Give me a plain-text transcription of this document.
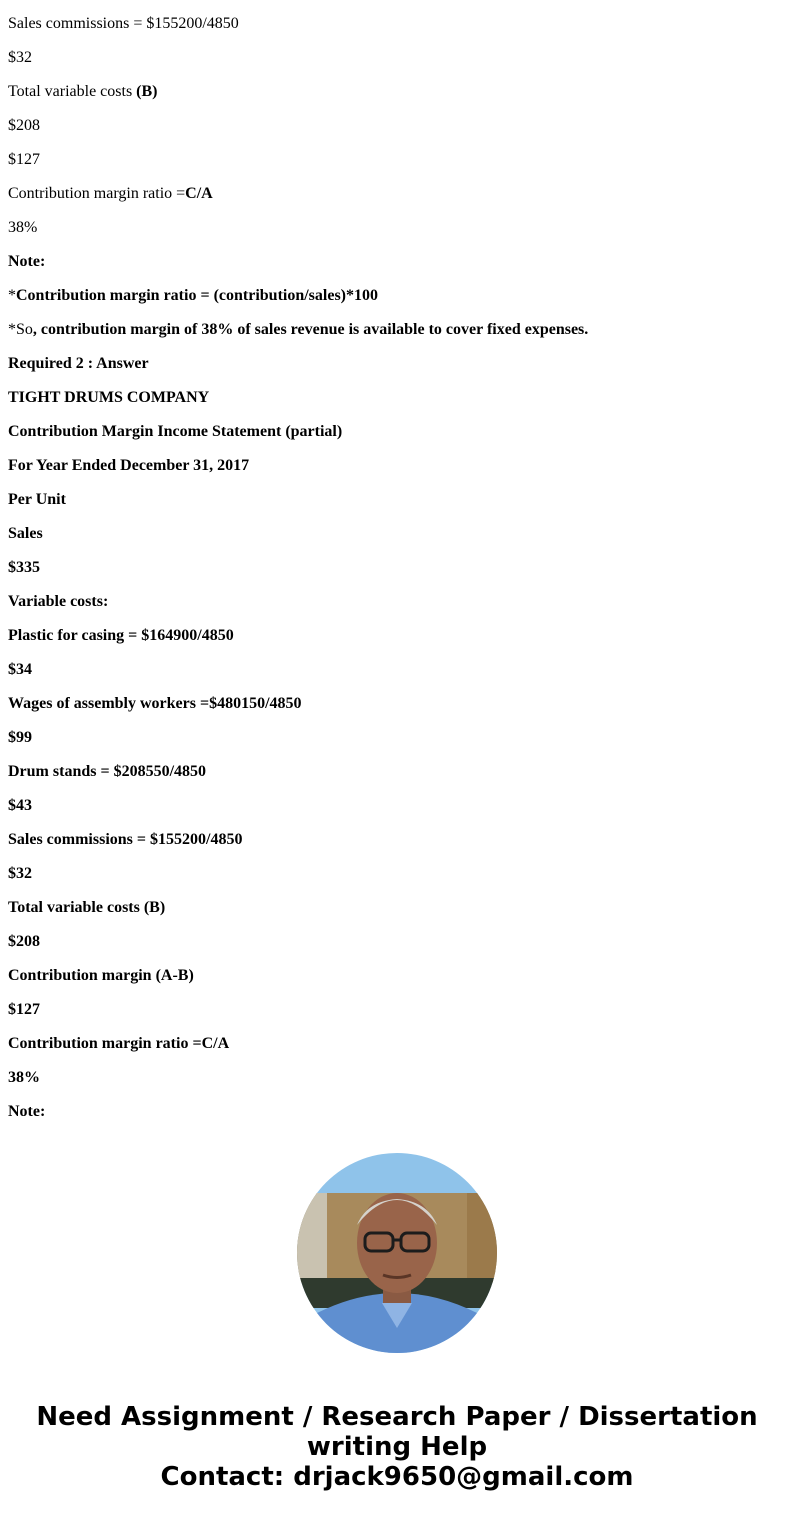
Sales commissions = $155200/4850
$32
Total variable costs (B)
$208
$127
Contribution margin ratio =C/A
38%
Note:
*Contribution margin ratio = (contribution/sales)*100
*So, contribution margin of 38% of sales revenue is available to cover fixed expenses.
Required 2 : Answer
TIGHT DRUMS COMPANY
Contribution Margin Income Statement (partial)
For Year Ended December 31, 2017
Per Unit
Sales
$335
Variable costs:
Plastic for casing = $164900/4850
$34
Wages of assembly workers =$480150/4850
$99
Drum stands = $208550/4850
$43
Sales commissions = $155200/4850
$32
Total variable costs (B)
$208
Contribution margin (A-B)
$127
Contribution margin ratio =C/A
38%
Note:
Need Assignment / Research Paper / Dissertation
writing Help
Contact: drjack9650@gmail.com
